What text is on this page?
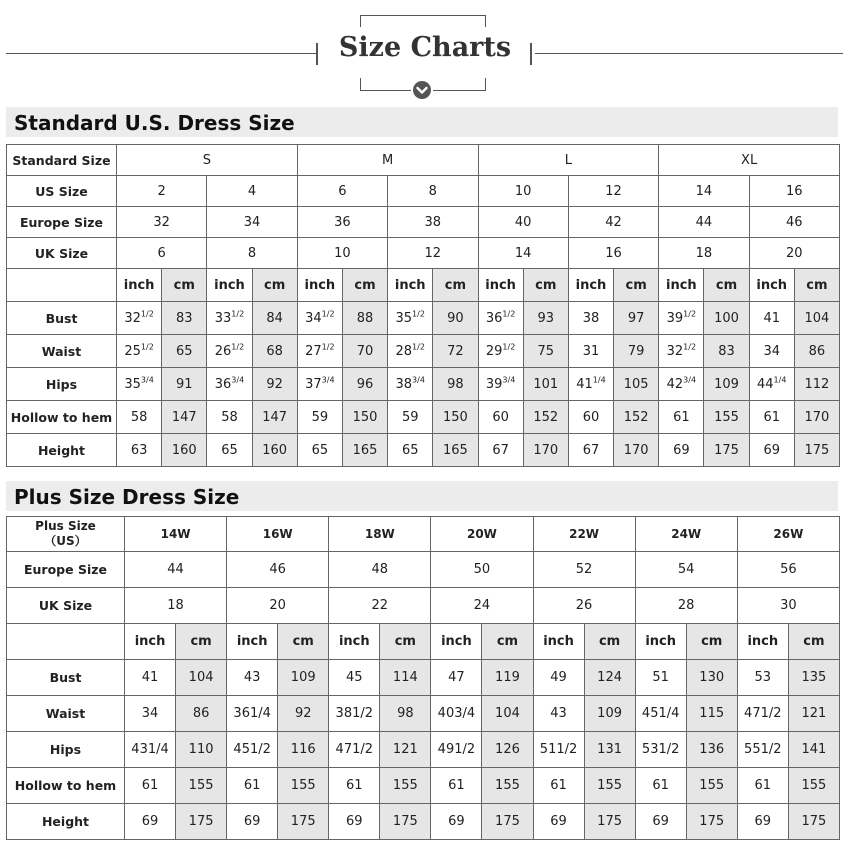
Size Charts
Standard U.S. Dress Size
Standard Size	S				M				L				XL			
US Size	2		4		6		8		10		12		14		16	
Europe Size	32		34		36		38		40		42		44		46	
UK Size	6		8		10		12		14		16		18		20	
	inch	cm	inch	cm	inch	cm	inch	cm	inch	cm	inch	cm	inch	cm	inch	cm
Bust	$32^{1/2}$	83	$33^{1/2}$	84	$34^{1/2}$	88	$35^{1/2}$	90	$36^{1/2}$	93	38	97	$39^{1/2}$	100	41	104
Waist	$25^{1/2}$	65	$26^{1/2}$	68	$27^{1/2}$	70	$28^{1/2}$	72	$29^{1/2}$	75	31	79	$32^{1/2}$	83	34	86
Hips	$35^{3/4}$	91	$36^{3/4}$	92	$37^{3/4}$	96	$38^{3/4}$	98	$39^{3/4}$	101	$41^{1/4}$	105	$42^{3/4}$	109	$44^{1/4}$	112
Hollow to hem	58	147	58	147	59	150	59	150	60	152	60	152	61	155	61	170
Height	63	160	65	160	65	165	65	165	67	170	67	170	69	175	69	175
Plus Size Dress Size
Plus Size
（US）	14W		16W		18W		20W		22W		24W		26W	
Europe Size	44		46		48		50		52		54		56	
UK Size	18		20		22		24		26		28		30	
	inch	cm	inch	cm	inch	cm	inch	cm	inch	cm	inch	cm	inch	cm
Bust	41	104	43	109	45	114	47	119	49	124	51	130	53	135
Waist	34	86	361/4	92	381/2	98	403/4	104	43	109	451/4	115	471/2	121
Hips	431/4	110	451/2	116	471/2	121	491/2	126	511/2	131	531/2	136	551/2	141
Hollow to hem	61	155	61	155	61	155	61	155	61	155	61	155	61	155
Height	69	175	69	175	69	175	69	175	69	175	69	175	69	175
